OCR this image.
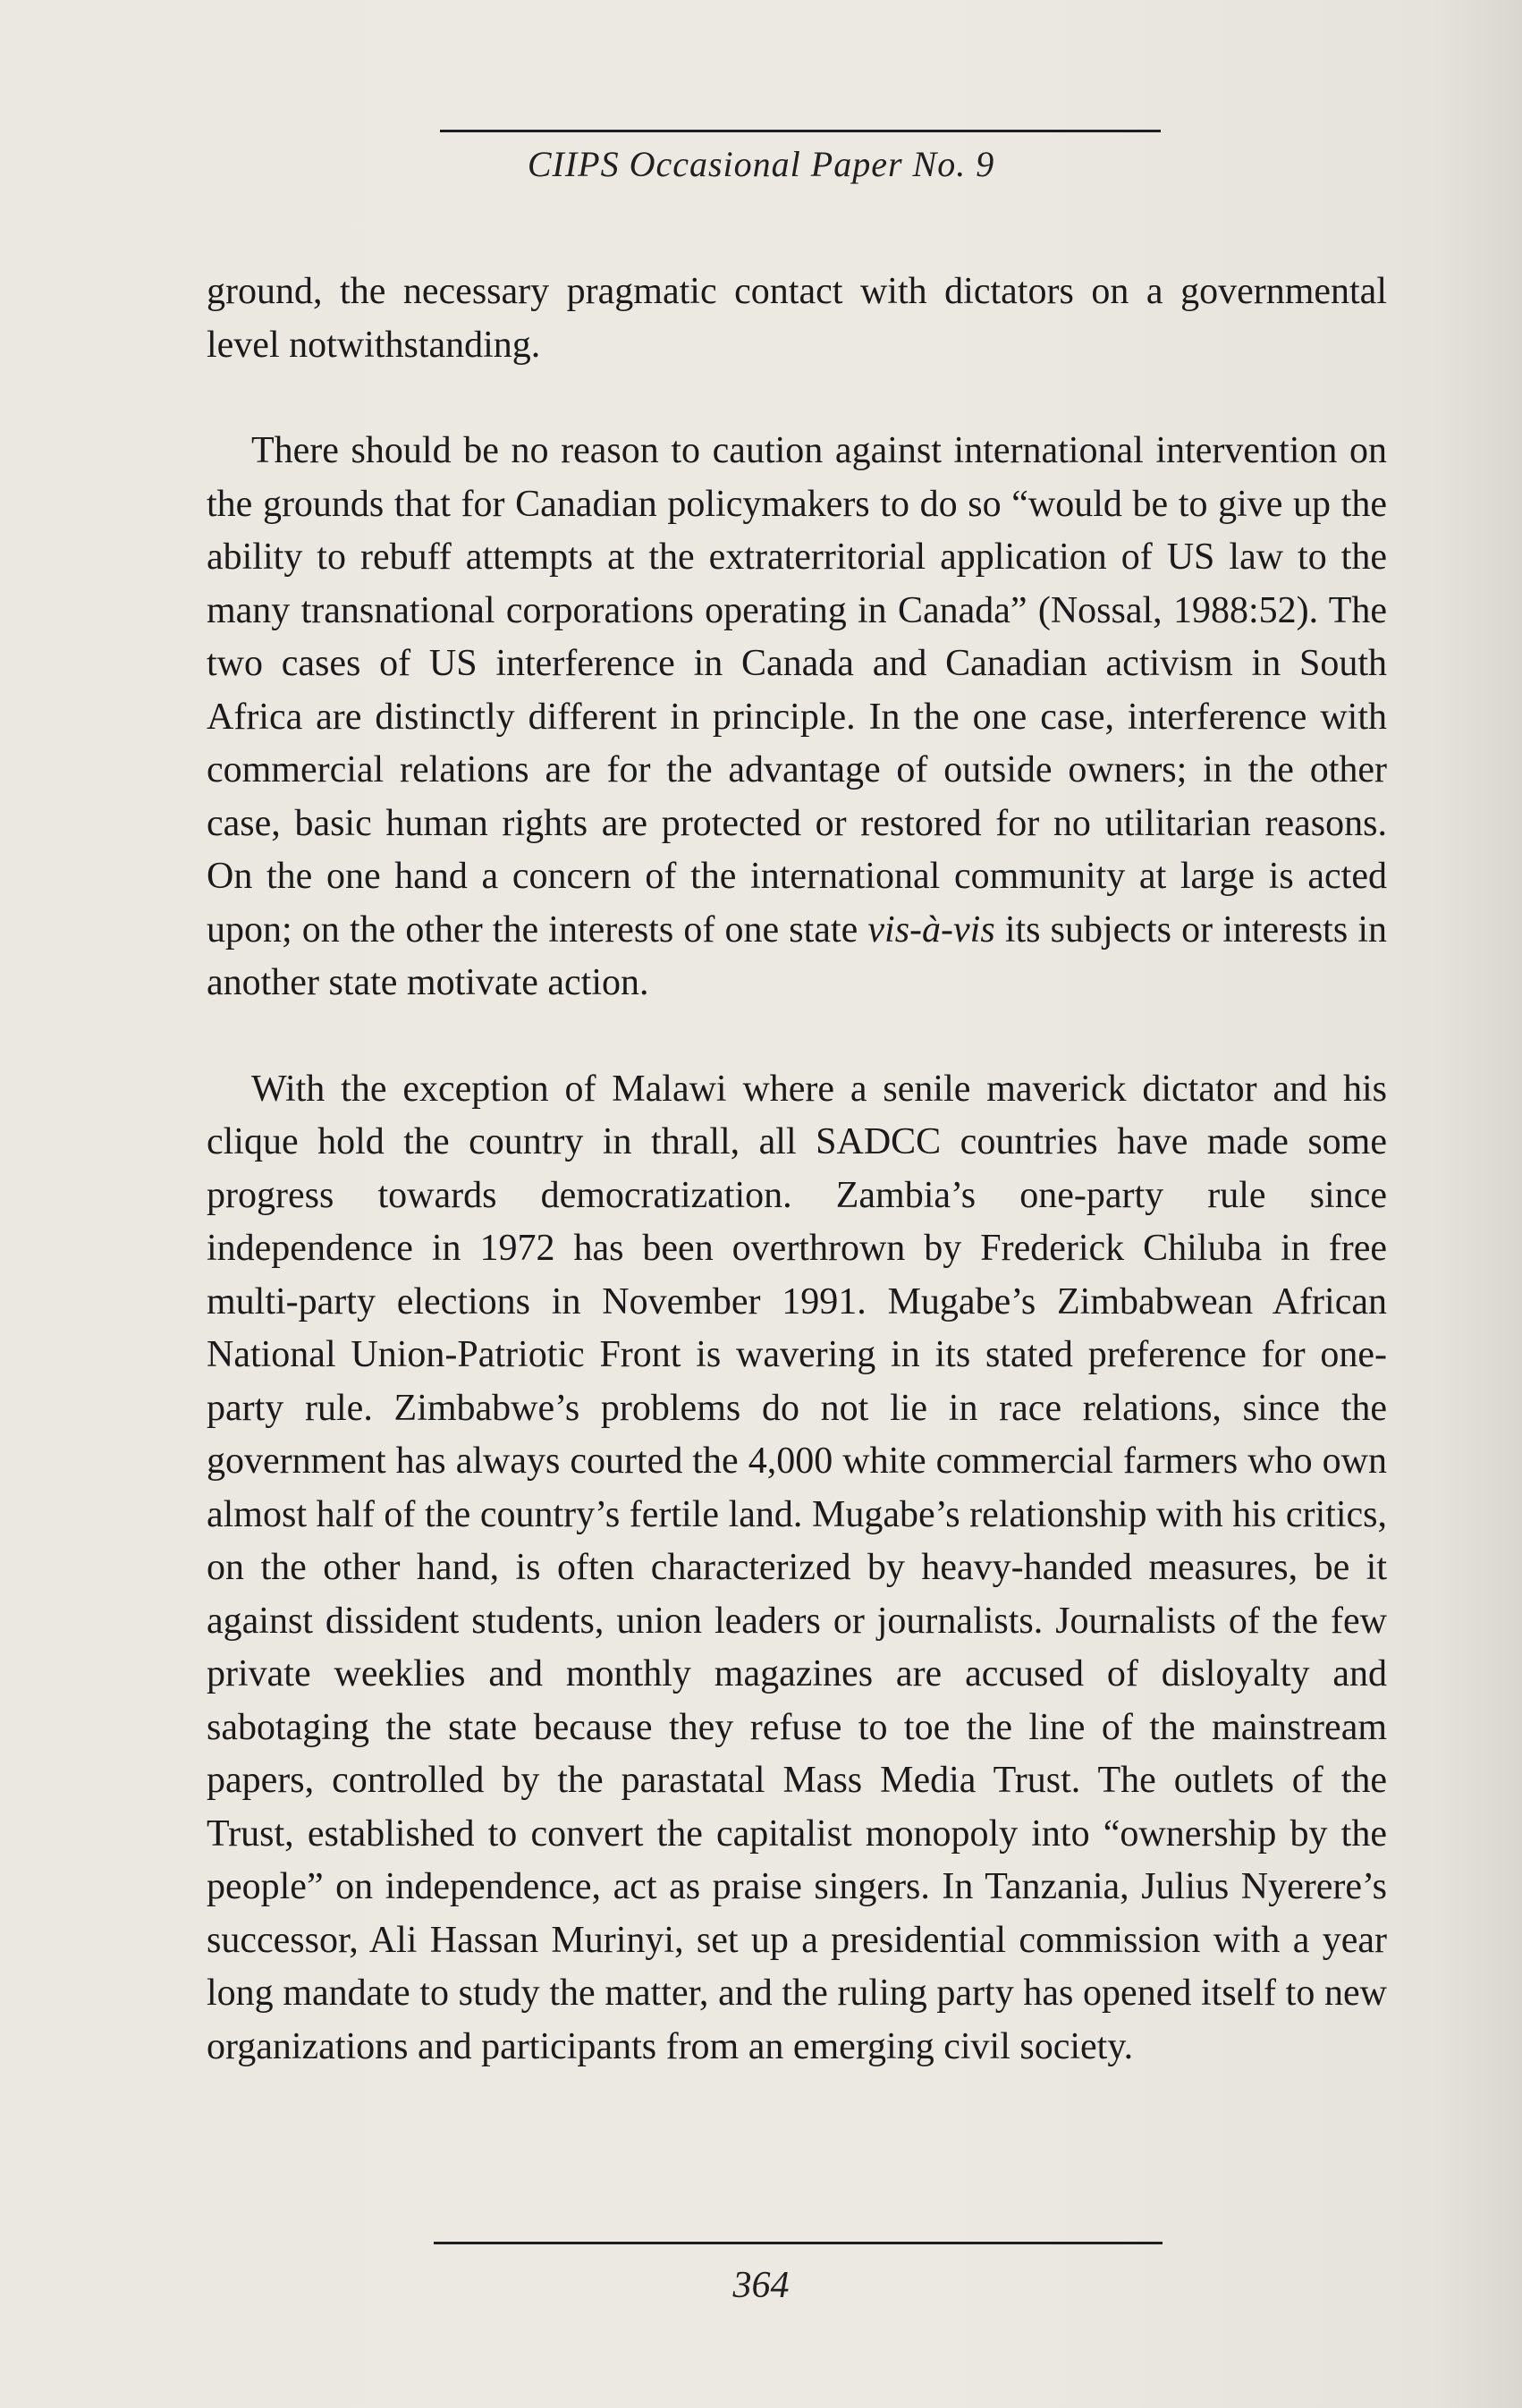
CIIPS Occasional Paper No. 9

ground, the necessary pragmatic contact with dictators on a governmental level notwithstanding.

There should be no reason to caution against international intervention on the grounds that for Canadian policymakers to do so “would be to give up the ability to rebuff attempts at the extraterritorial application of US law to the many transnational corporations operating in Canada” (Nossal, 1988:52). The two cases of US interference in Canada and Canadian activism in South Africa are distinctly different in principle. In the one case, interference with commercial relations are for the advantage of outside owners; in the other case, basic human rights are protected or restored for no utilitarian reasons. On the one hand a concern of the international community at large is acted upon; on the other the interests of one state vis-à-vis its subjects or interests in another state motivate action.

With the exception of Malawi where a senile maverick dictator and his clique hold the country in thrall, all SADCC countries have made some progress towards democratization. Zambia’s one-party rule since independence in 1972 has been overthrown by Frederick Chiluba in free multi-party elections in November 1991. Mugabe’s Zimbabwean African National Union-Patriotic Front is wavering in its stated preference for one-party rule. Zimbabwe’s problems do not lie in race relations, since the government has always courted the 4,000 white commercial farmers who own almost half of the country’s fertile land. Mugabe’s relationship with his critics, on the other hand, is often characterized by heavy-handed measures, be it against dissident students, union leaders or journalists. Journalists of the few private weeklies and monthly magazines are accused of disloyalty and sabotaging the state because they refuse to toe the line of the mainstream papers, controlled by the parastatal Mass Media Trust. The outlets of the Trust, established to convert the capitalist monopoly into “ownership by the people” on independence, act as praise singers. In Tanzania, Julius Nyerere’s successor, Ali Hassan Murinyi, set up a presidential commission with a year long mandate to study the matter, and the ruling party has opened itself to new organizations and participants from an emerging civil society.

364
